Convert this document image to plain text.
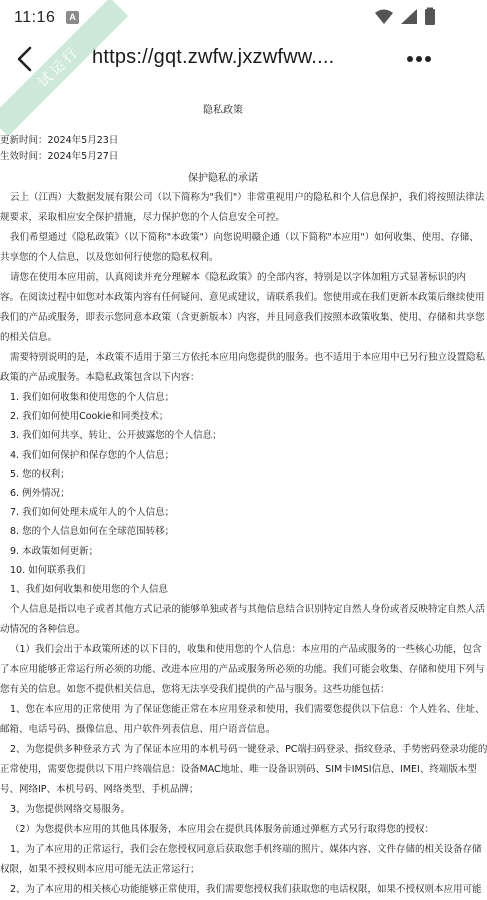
11:16	A

https://gqt.zwfw.jxzwfww....
试运行
隐私政策
更新时间：2024年5月23日
生效时间：2024年5月27日
保护隐私的承诺
云上（江西）大数据发展有限公司（以下简称为"我们"）非常重视用户的隐私和个人信息保护，我们将按照法律法
规要求，采取相应安全保护措施，尽力保护您的个人信息安全可控。
我们希望通过《隐私政策》（以下简称"本政策"）向您说明赣企通（以下简称"本应用"）如何收集、使用、存储、
共享您的个人信息，以及您如何行使您的隐私权利。
请您在使用本应用前，认真阅读并充分理解本《隐私政策》的全部内容，特别是以字体加粗方式显著标识的内
容。在阅读过程中如您对本政策内容有任何疑问、意见或建议，请联系我们。您使用或在我们更新本政策后继续使用
我们的产品或服务，即表示您同意本政策（含更新版本）内容，并且同意我们按照本政策收集、使用、存储和共享您
的相关信息。
需要特别说明的是，本政策不适用于第三方依托本应用向您提供的服务。也不适用于本应用中已另行独立设置隐私
政策的产品或服务。本隐私政策包含以下内容：
1. 我们如何收集和使用您的个人信息；
2. 我们如何使用Cookie和同类技术；
3. 我们如何共享、转让、公开披露您的个人信息；
4. 我们如何保护和保存您的个人信息；
5. 您的权利；
6. 例外情况；
7. 我们如何处理未成年人的个人信息；
8. 您的个人信息如何在全球范围转移；
9. 本政策如何更新；
10. 如何联系我们
1、我们如何收集和使用您的个人信息
个人信息是指以电子或者其他方式记录的能够单独或者与其他信息结合识别特定自然人身份或者反映特定自然人活
动情况的各种信息。
（1）我们会出于本政策所述的以下目的，收集和使用您的个人信息：本应用的产品或服务的一些核心功能，包含
了本应用能够正常运行所必须的功能、改进本应用的产品或服务所必须的功能。我们可能会收集、存储和使用下列与
您有关的信息。如您不提供相关信息，您将无法享受我们提供的产品与服务。这些功能包括：
1、您在本应用的正常使用 为了保证您能正常在本应用登录和使用，我们需要您提供以下信息：个人姓名、住址、
邮箱、电话号码、摄像信息、用户软件列表信息、用户语音信息。
2、为您提供多种登录方式 为了保证本应用的本机号码一键登录、PC端扫码登录、指纹登录、手势密码登录功能的
正常使用，需要您提供以下用户终端信息：设备MAC地址、唯一设备识别码、SIM卡IMSI信息、IMEI、终端版本型
号、网络IP、本机号码、网络类型、手机品牌；
3、为您提供网络交易服务。
（2）为您提供本应用的其他具体服务，本应用会在提供具体服务前通过弹框方式另行取得您的授权：
1、为了本应用的正常运行，我们会在您授权同意后获取您手机终端的照片、媒体内容、文件存储的相关设备存储
权限，如果不授权则本应用可能无法正常运行；
2、为了本应用的相关核心功能能够正常使用，我们需要您授权我们获取您的电话权限，如果不授权则本应用可能
